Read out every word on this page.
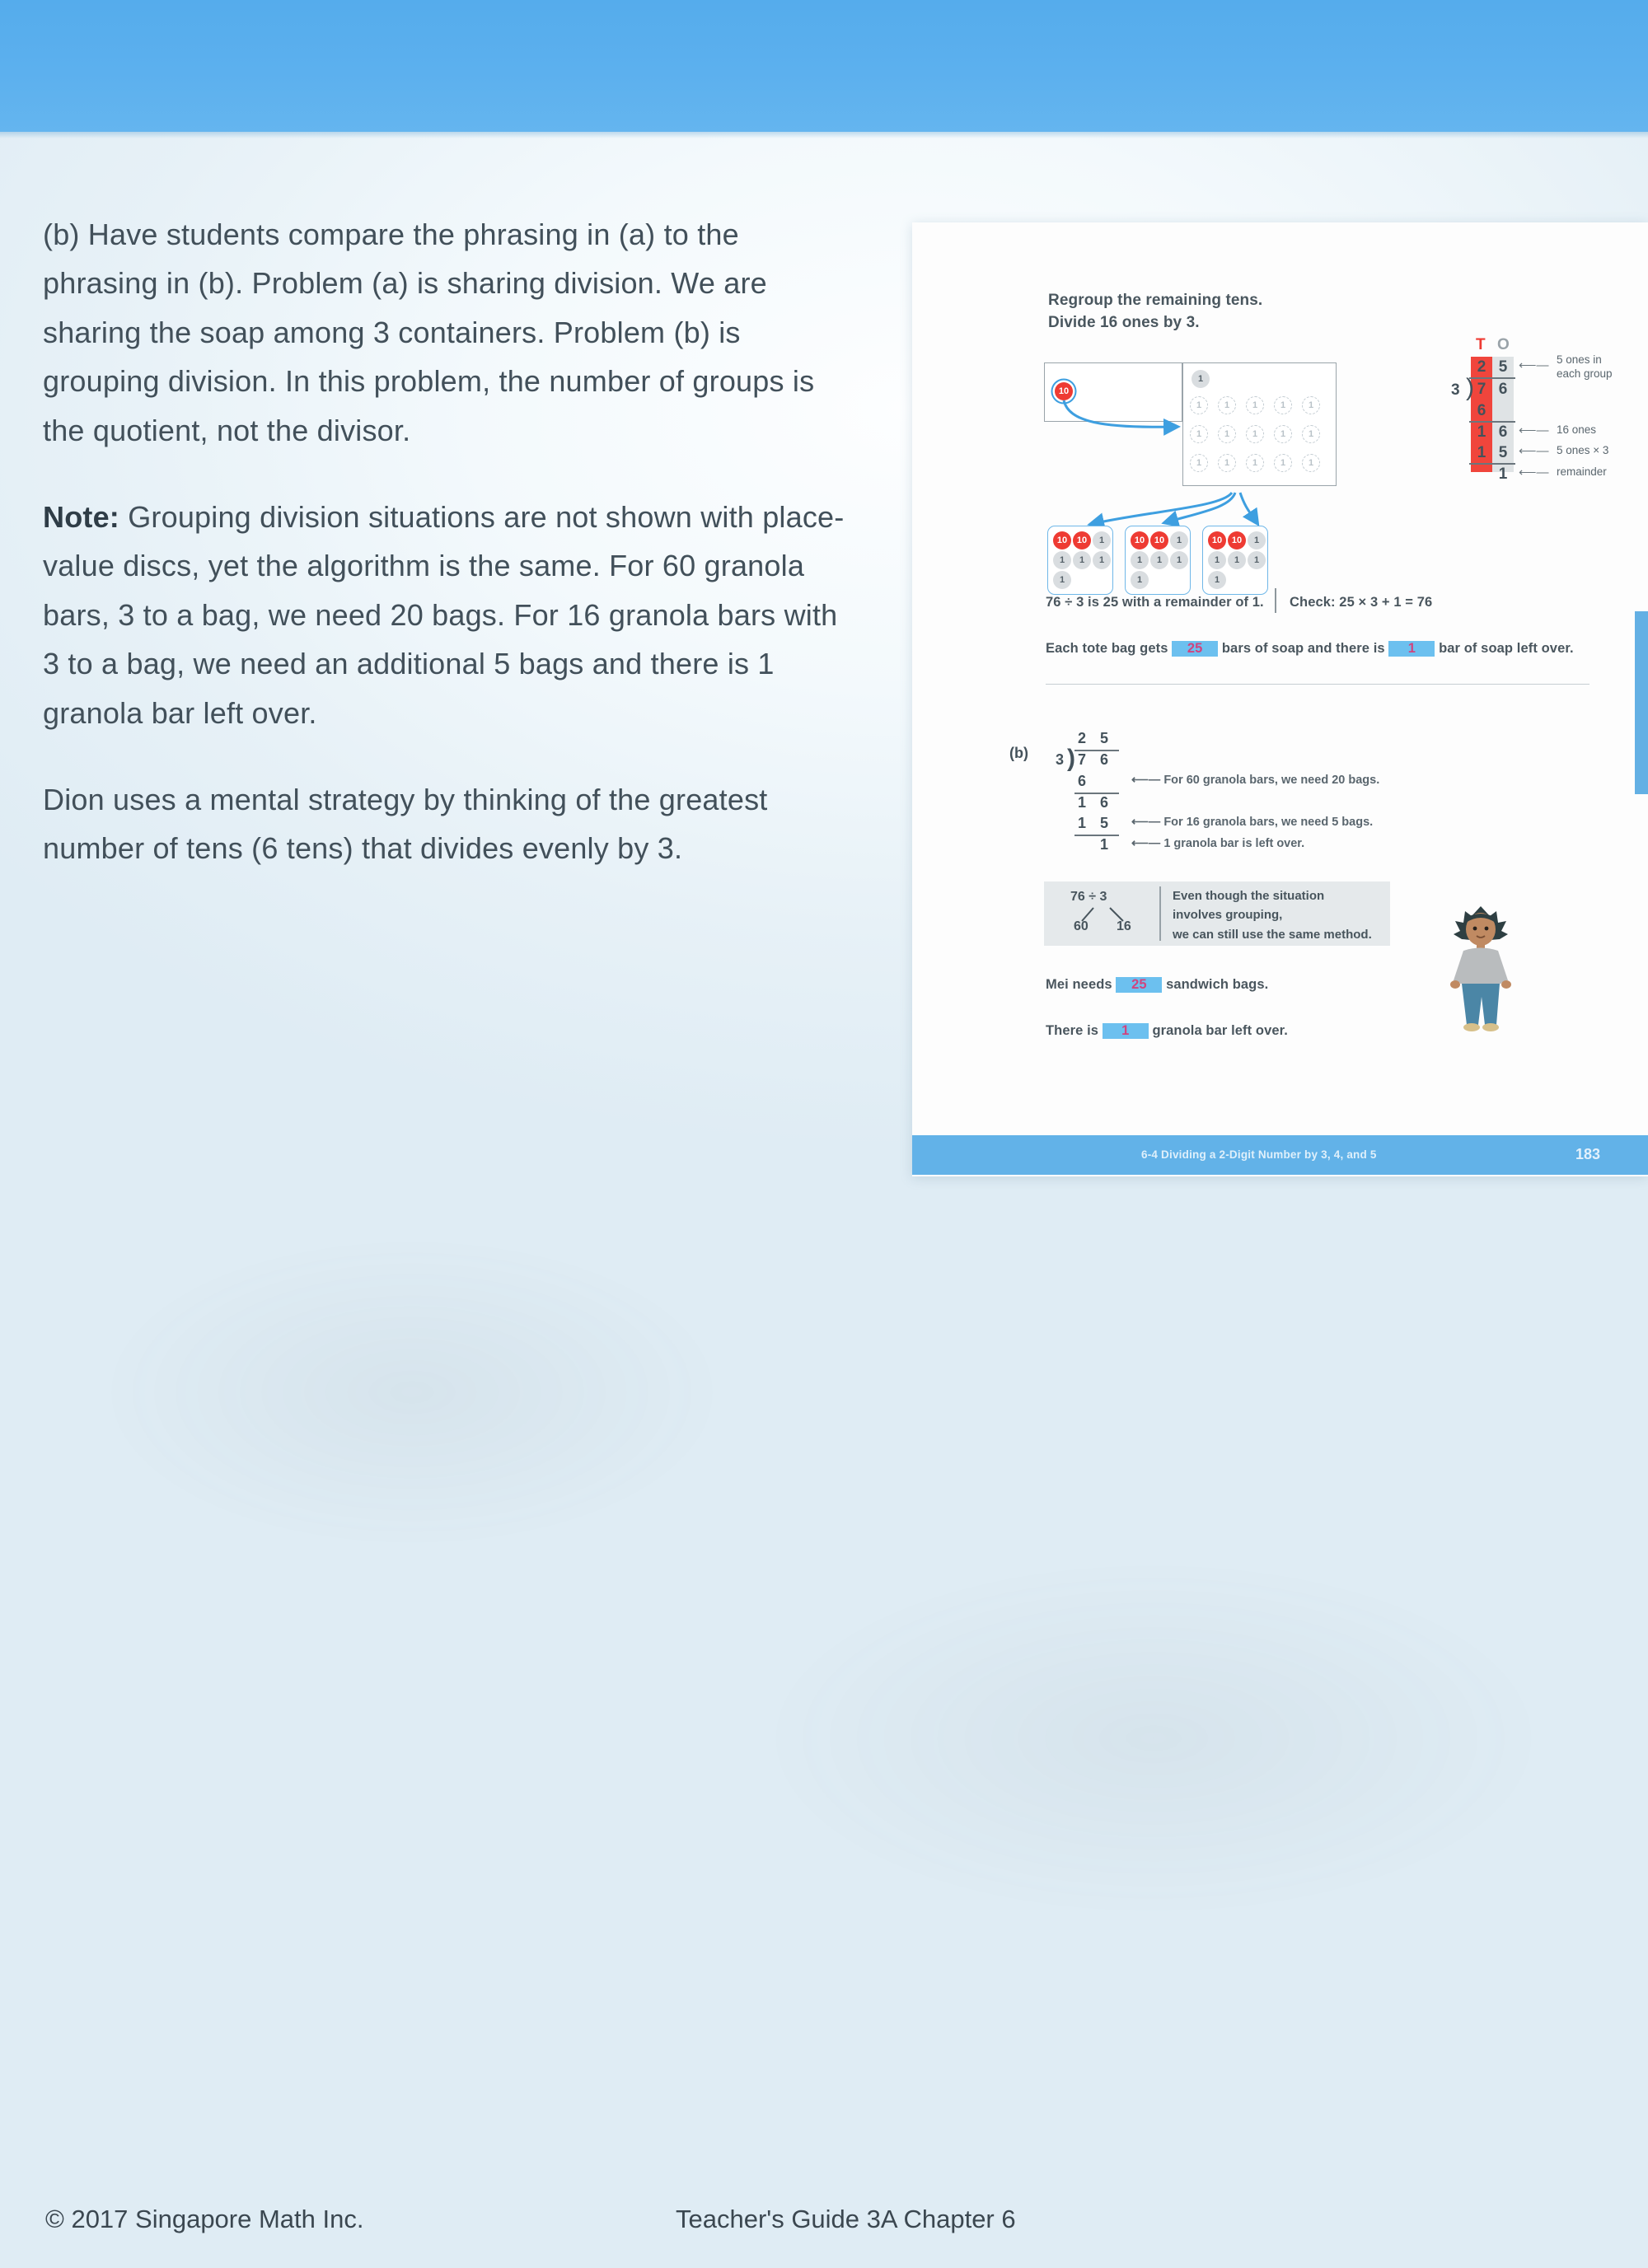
(b) Have students compare the phrasing in (a) to the phrasing in (b). Problem (a) is sharing division. We are sharing the soap among 3 containers. Problem (b) is grouping division. In this problem, the number of groups is the quotient, not the divisor.

Note: Grouping division situations are not shown with place-value discs, yet the algorithm is the same. For 60 granola bars, 3 to a bag, we need 20 bags. For 16 granola bars with 3 to a bag, we need an additional 5 bags and there is 1 granola bar left over.

Dion uses a mental strategy by thinking of the greatest number of tens (6 tens) that divides evenly by 3.

Regroup the remaining tens.
Divide 16 ones by 3.
10
1
1	1	1	1	1
1	1	1	1	1
1	1	1	1	1
10	10	1
1	1	1
1
10	10	1
1	1	1
1
10	10	1
1	1	1
1
T O
2 5
3 ) 7 6
6
1 6
1 5
1
⟵— 5 ones in
each group
⟵— 16 ones
⟵— 5 ones × 3
⟵— remainder
76 ÷ 3 is 25 with a remainder of 1. Check: 25 × 3 + 1 = 76
Each tote bag gets 25 bars of soap and there is 1 bar of soap left over.
(b)
2 5
3 ) 7 6
6	⟵— For 60 granola bars, we need 20 bags.
1 6
1 5 ⟵— For 16 granola bars, we need 5 bags.
1 ⟵— 1 granola bar is left over.
76 ÷ 3
60 16
Even though the situation
involves grouping,
we can still use the same method.
Mei needs 25 sandwich bags.
There is 1 granola bar left over.
6-4 Dividing a 2-Digit Number by 3, 4, and 5	183
© 2017 Singapore Math Inc.	Teacher's Guide 3A Chapter 6
